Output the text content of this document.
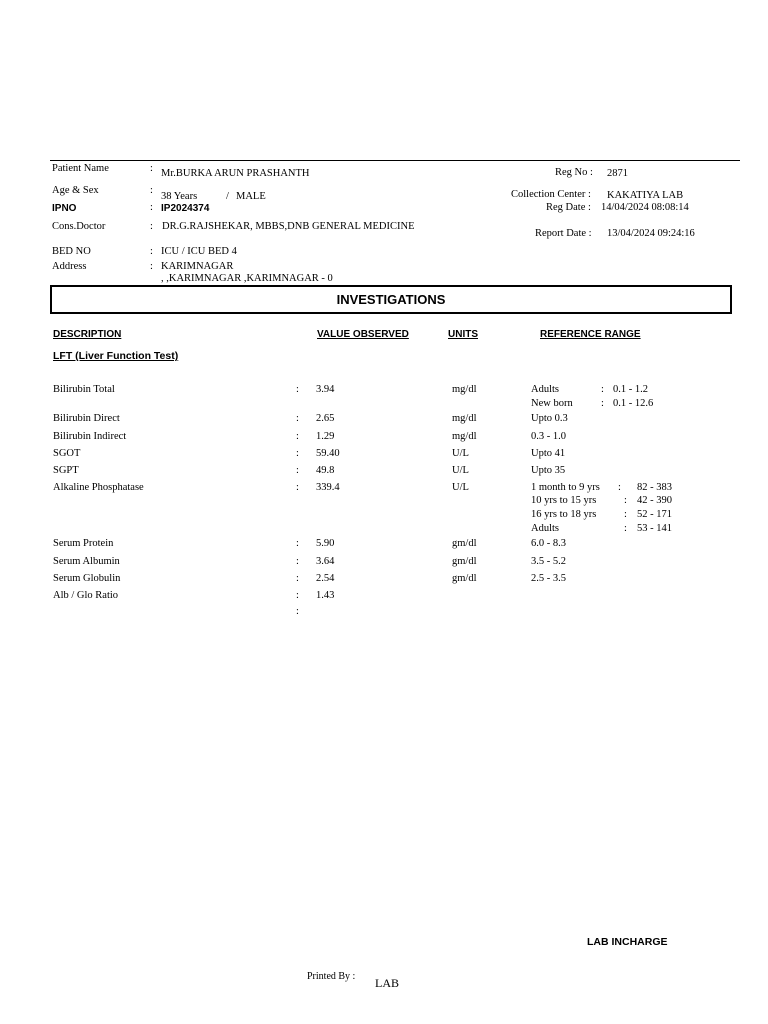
Patient Name	: Mr.BURKA ARUN PRASHANTH	Reg No : 2871
Age & Sex	:
38 Years	/ MALE	Collection Center : KAKATIYA LAB
IPNO	: IP2024374	Reg Date : 14/04/2024 08:08:14
Cons.Doctor	: DR.G.RAJSHEKAR, MBBS,DNB GENERAL MEDICINE
Report Date : 13/04/2024 09:24:16
BED NO	: ICU / ICU BED 4
Address	: KARIMNAGAR
, ,KARIMNAGAR ,KARIMNAGAR - 0
INVESTIGATIONS
DESCRIPTION	VALUE OBSERVED	UNITS	REFERENCE RANGE
LFT (Liver Function Test)
Bilirubin Total	: 3.94	mg/dl	Adults	: 0.1 - 1.2
New born	: 0.1 - 12.6
Bilirubin Direct	: 2.65	mg/dl	Upto 0.3
Bilirubin Indirect	: 1.29	mg/dl	0.3 - 1.0
SGOT	: 59.40	U/L	Upto 41
SGPT	: 49.8	U/L	Upto 35
Alkaline Phosphatase	: 339.4	U/L	1 month to 9 yrs : 82 - 383
10 yrs to 15 yrs	: 42 - 390
16 yrs to 18 yrs	: 52 - 171
Adults	: 53 - 141
Serum Protein	: 5.90	gm/dl	6.0 - 8.3
Serum Albumin	: 3.64	gm/dl	3.5 - 5.2
Serum Globulin	: 2.54	gm/dl	2.5 - 3.5
Alb / Glo Ratio	: 1.43
:
LAB INCHARGE
Printed By : LAB
